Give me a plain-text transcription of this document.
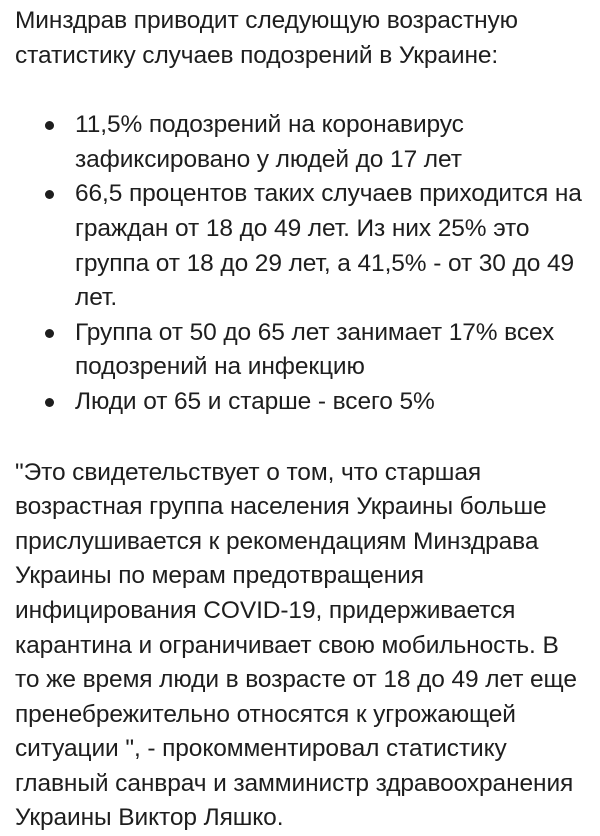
Минздрав приводит следующую возрастную статистику случаев подозрений в Украине:

11,5% подозрений на коронавирус зафиксировано у людей до 17 лет
66,5 процентов таких случаев приходится на граждан от 18 до 49 лет. Из них 25% это группа от 18 до 29 лет, а 41,5% - от 30 до 49 лет.
Группа от 50 до 65 лет занимает 17% всех подозрений на инфекцию
Люди от 65 и старше - всего 5%

"Это свидетельствует о том, что старшая возрастная группа населения Украины больше прислушивается к рекомендациям Минздрава Украины по мерам предотвращения инфицирования COVID-19, придерживается карантина и ограничивает свою мобильность. В то же время люди в возрасте от 18 до 49 лет еще пренебрежительно относятся к угрожающей ситуации ", - прокомментировал статистику главный санврач и замминистр здравоохранения Украины Виктор Ляшко.
